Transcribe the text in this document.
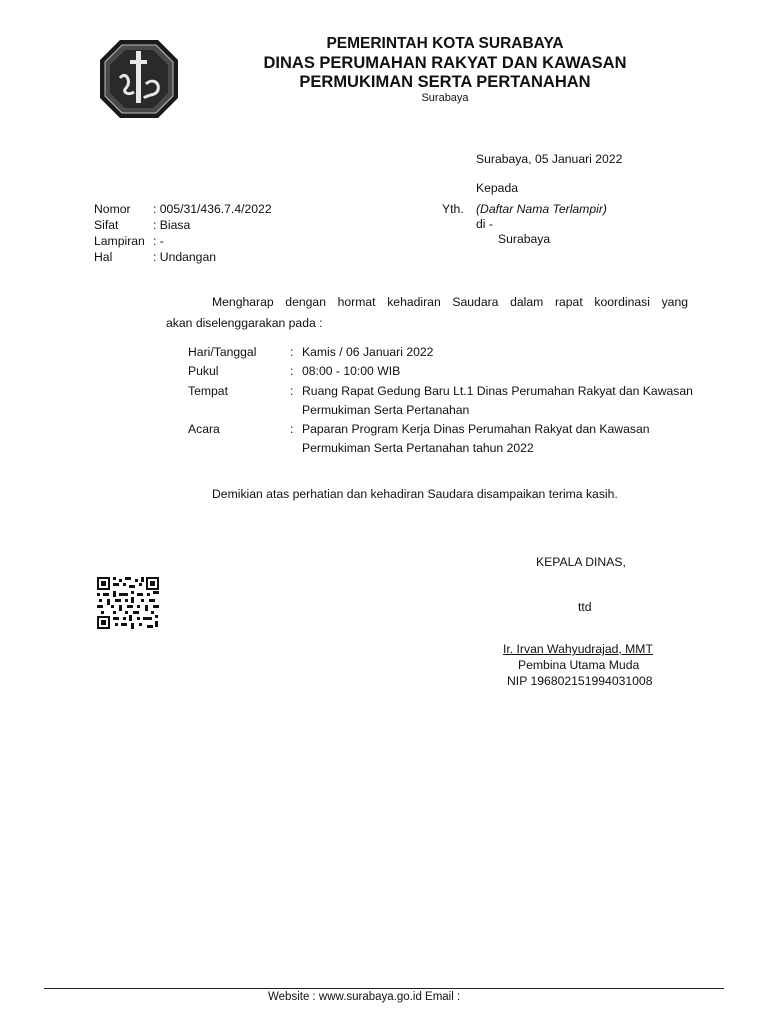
PEMERINTAH KOTA SURABAYA
DINAS PERUMAHAN RAKYAT DAN KAWASAN
PERMUKIMAN SERTA PERTANAHAN
Surabaya
Surabaya, 05 Januari 2022
Kepada
Yth. (Daftar Nama Terlampir)
di -
Surabaya
Nomor : 005/31/436.7.4/2022
Sifat	: Biasa
Lampiran : -
Hal	: Undangan
Mengharap dengan hormat kehadiran Saudara dalam rapat koordinasi yang
akan diselenggarakan pada :
Hari/Tanggal	: Kamis / 06 Januari 2022
Pukul	: 08:00 - 10:00 WIB
Tempat	: Ruang Rapat Gedung Baru Lt.1 Dinas Perumahan Rakyat dan Kawasan
Permukiman Serta Pertanahan
Acara	: Paparan Program Kerja Dinas Perumahan Rakyat dan Kawasan
Permukiman Serta Pertanahan tahun 2022
Demikian atas perhatian dan kehadiran Saudara disampaikan terima kasih.
KEPALA DINAS,
ttd
Ir. Irvan Wahyudrajad, MMT
Pembina Utama Muda
NIP 196802151994031008
Website : www.surabaya.go.id Email :
